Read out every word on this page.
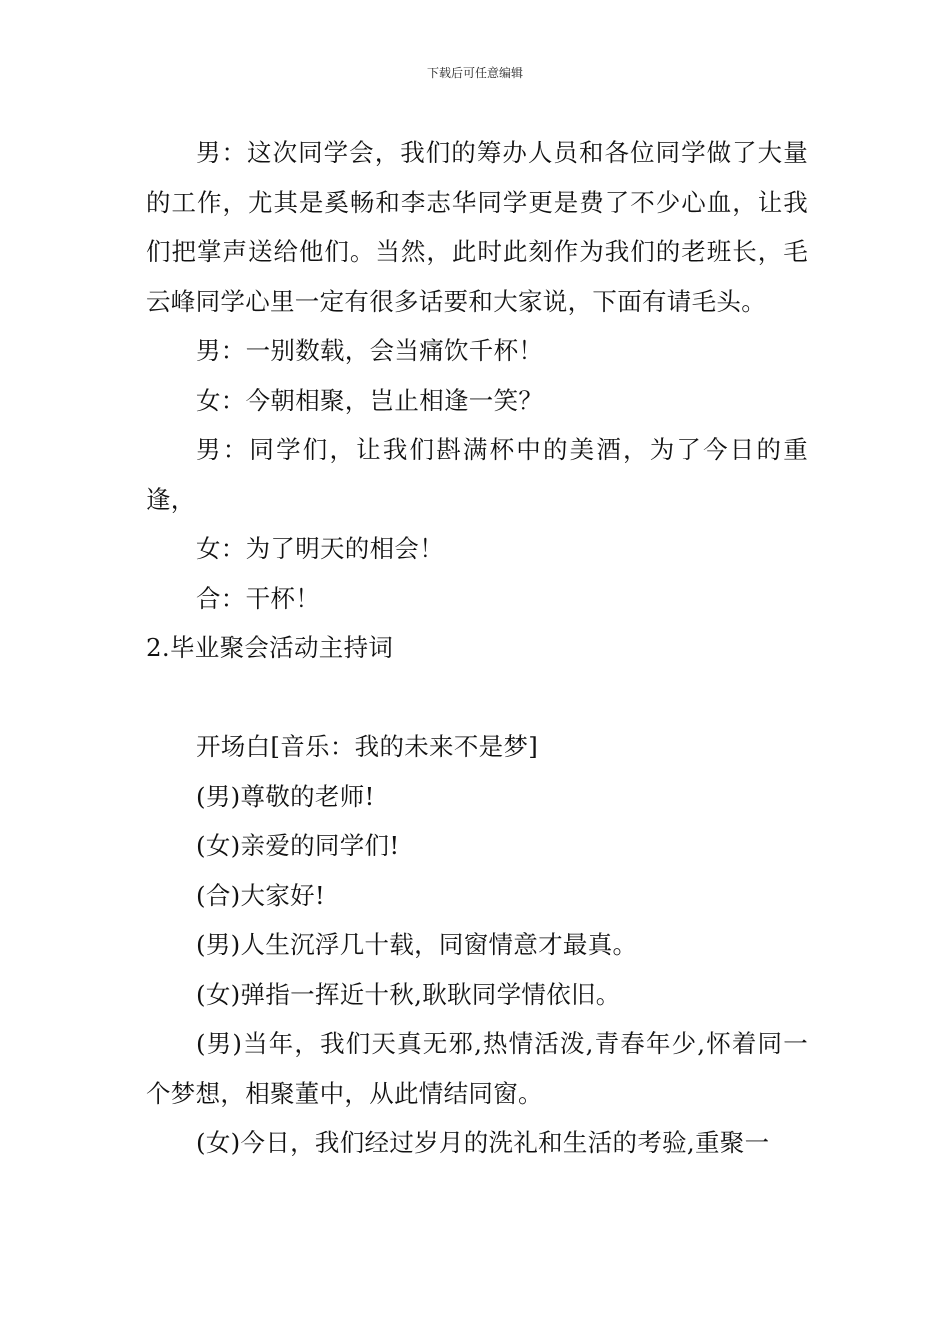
下载后可任意编辑

男：这次同学会，我们的筹办人员和各位同学做了大量的工作，尤其是奚畅和李志华同学更是费了不少心血，让我们把掌声送给他们。当然，此时此刻作为我们的老班长，毛云峰同学心里一定有很多话要和大家说，下面有请毛头。

男：一别数载，会当痛饮千杯！

女：今朝相聚，岂止相逢一笑？

男：同学们，让我们斟满杯中的美酒，为了今日的重逢，

女：为了明天的相会！

合：干杯！

2.毕业聚会活动主持词

开场白[音乐：我的未来不是梦]

(男)尊敬的老师!

(女)亲爱的同学们!

(合)大家好!

(男)人生沉浮几十载，同窗情意才最真。

(女)弹指一挥近十秋,耿耿同学情依旧。

(男)当年，我们天真无邪,热情活泼,青春年少,怀着同一个梦想，相聚董中，从此情结同窗。

(女)今日，我们经过岁月的洗礼和生活的考验,重聚一
